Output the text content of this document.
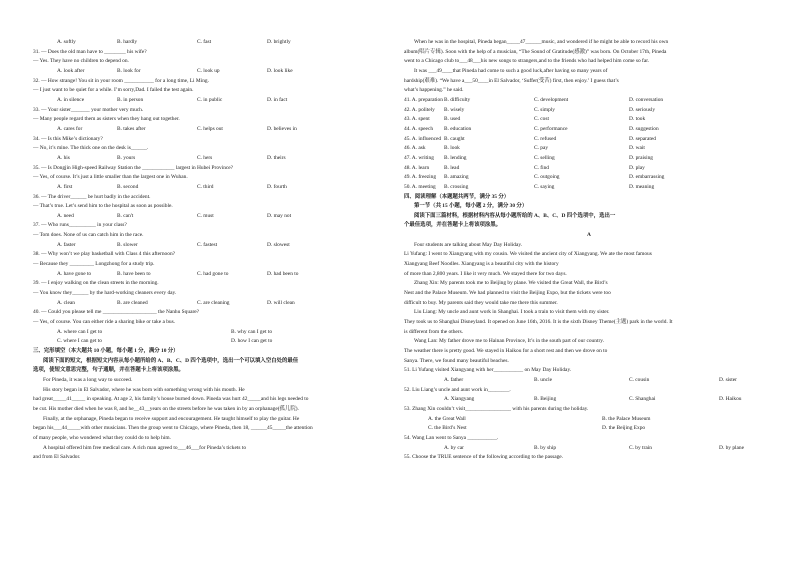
A. softly	B. hardly	C. fast	D. brightly
31. — Does the old man have to ________ his wife?
— Yes. They have no children to depend on.
A. look after	B. look for	C. look up	D. look like
32. — How strange! You sit in your room ___________ for a long time, Li Ming.
— I just want to be quiet for a while. I’m sorry,Dad. I failed the test again.
A. in silence	B. in person	C. in public	D. in fact
33. — Your sister_______ your mother very much.
— Many people regard them as sisters when they hang out together.
A. cares for	B. takes after	C. helps out	D. believes in
34. — Is this Mike’s dictionary?
— No, it’s mine. The thick one on the desk is______.
A. his	B. yours	C. hers	D. theirs
35. — Is Dongjin High-speed Railway Station the ____________ largest in Hubei Province?
— Yes, of course. It’s just a little smaller than the largest one in Wuhan.
A. first	B. second	C. third	D. fourth
36. — The driver______ be hurt badly in the accident.
— That’s true. Let’s send him to the hospital as soon as possible.
A. need	B. can't	C. must	D. may not
37. — Who runs__________ in your class?
— Tom does. None of us can catch him in the race.
A. faster	B. slower	C. fastest	D. slowest
38. — Why won’t we play basketball with Class 4 this afternoon?
— Because they _________ Longzhong for a study trip.
A. have gone to	B. have been to	C. had gone to	D. had been to
39. — I enjoy walking on the clean streets in the morning.
— You know they______ by the hard-working cleaners every day.
A. clean	B. are cleaned	C. are cleaning	D. will clean
40. — Could you please tell me ____________________ the Nanhu Square?
— Yes, of course. You can either ride a sharing bike or take a bus.
A. where can I get to	B. why can I get to
C. where I can get to	D. how I can get to
三、完形填空（本大题共 10 小题，每小题 1 分，满分 10 分）
阅读下面的短文，根据短文内容从每小题所给的 A、B、C、D 四个选项中，选出一个可以填入空白处的最佳
选项，使短文意思完整，句子通顺，并在答题卡上将该项涂黑。
For Pineda, it was a long way to succeed.
His story began in El Salvador, where he was born with something wrong with his mouth. He
had great_____41_____ in speaking. At age 2, his family’s house burned down. Pineda was hurt 42_____and his legs needed to
be cut. His mother died when he was 8, and he__43__years on the streets before he was taken in by an orphanage(孤儿院).
Finally, at the orphanage, Pineda began to receive support and encouragement. He taught himself to play the guitar. He
began his___44_____with other musicians. Then the group went to Chicago, where Pineda, then 18, ______45_____the attention
of many people, who wondered what they could do to help him.
A hospital offered him free medical care. A rich man agreed to___46___for Pineda’s tickets to
and from El Salvador.
When he was in the hospital, Pineda began_____47______music, and wondered if he might be able to record his own
album(唱片专辑). Soon with the help of a musician, “The Sound of Gratitude(感激)” was born. On October 17th, Pineda
went to a Chicago club to___48___his new songs to strangers,and to the friends who had helped him come so far.
It was ___49____that Pineda had come to such a good luck,after having so many years of
hardship(艰难). “We have a___50____in El Salvador, ‘Suffer(受苦) first, then enjoy.’ I guess that’s
what’s happening.” he said.
41. A. preparation B. difficulty	C. development	D. conversation
42. A. politely	B. wisely	C. simply	D. seriously
43. A. spent	B. used	C. cost	D. took
44. A. speech	B. education	C. performance	D. suggestion
45. A. influenced B. caught	C. refused	D. separated
46. A. ask	B. look	C. pay	D. wait
47. A. writing	B. lending	C. selling	D. praising
48. A. learn	B. lead	C. find	D. play
49. A. freezing	B. amazing	C. outgoing	D. embarrassing
50. A. meeting	B. crossing	C. saying	D. meaning
四、阅读理解（本题题共两节，满分 35 分）
第一节（共 15 小题，每小题 2 分，满分 30 分）
阅读下面三篇材料，根据材料内容从每小题所给的 A、B、C、D 四个选项中，选出一
个最佳选项，并在答题卡上将该项涂黑。
A
Four students are talking about May Day Holiday.
Li Yufang: I went to Xiangyang with my cousin. We visited the ancient city of Xiangyang. We ate the most famous
Xiangyang Beef Noodles. Xiangyang is a beautiful city with the history
of more than 2,800 years. I like it very much. We stayed there for two days.
Zhang Xin: My parents took me to Beijing by plane. We visited the Great Wall, the Bird’s
Nest and the Palace Museum. We had planned to visit the Beijing Expo, but the tickets were too
difficult to buy. My parents said they would take me there this summer.
Liu Liang: My uncle and aunt work in Shanghai. I took a train to visit them with my sister.
They took us to Shanghai Disneyland. It opened on June 16th, 2016. It is the sixth Disney Theme(主题) park in the world. It
is different from the others.
Wang Lan: My father drove me to Hainan Province, It’s in the south part of our country.
The weather there is pretty good. We stayed in Haikou for a short rest and then we drove on to
Sanya. There, we found many beautiful beaches.
51. Li Yufang visited Xiangyang with her___________ on May Day Holiday.
A. father	B. uncle	C. cousin	D. sister
52. Liu Liang’s uncle and aunt work in________.
A. Xiangyang	B. Beijing	C. Shanghai	D. Haikou
53. Zhang Xin couldn’t visit_________________ with his parents during the holiday.
A. the Great Wall	B. the Palace Museum
C. the Bird’s Nest	D. the Beijing Expo
54. Wang Lan went to Sanya ___________.
A. by car	B. by ship	C. by train	D. by plane
55. Choose the TRUE sentence of the following according to the passage.
